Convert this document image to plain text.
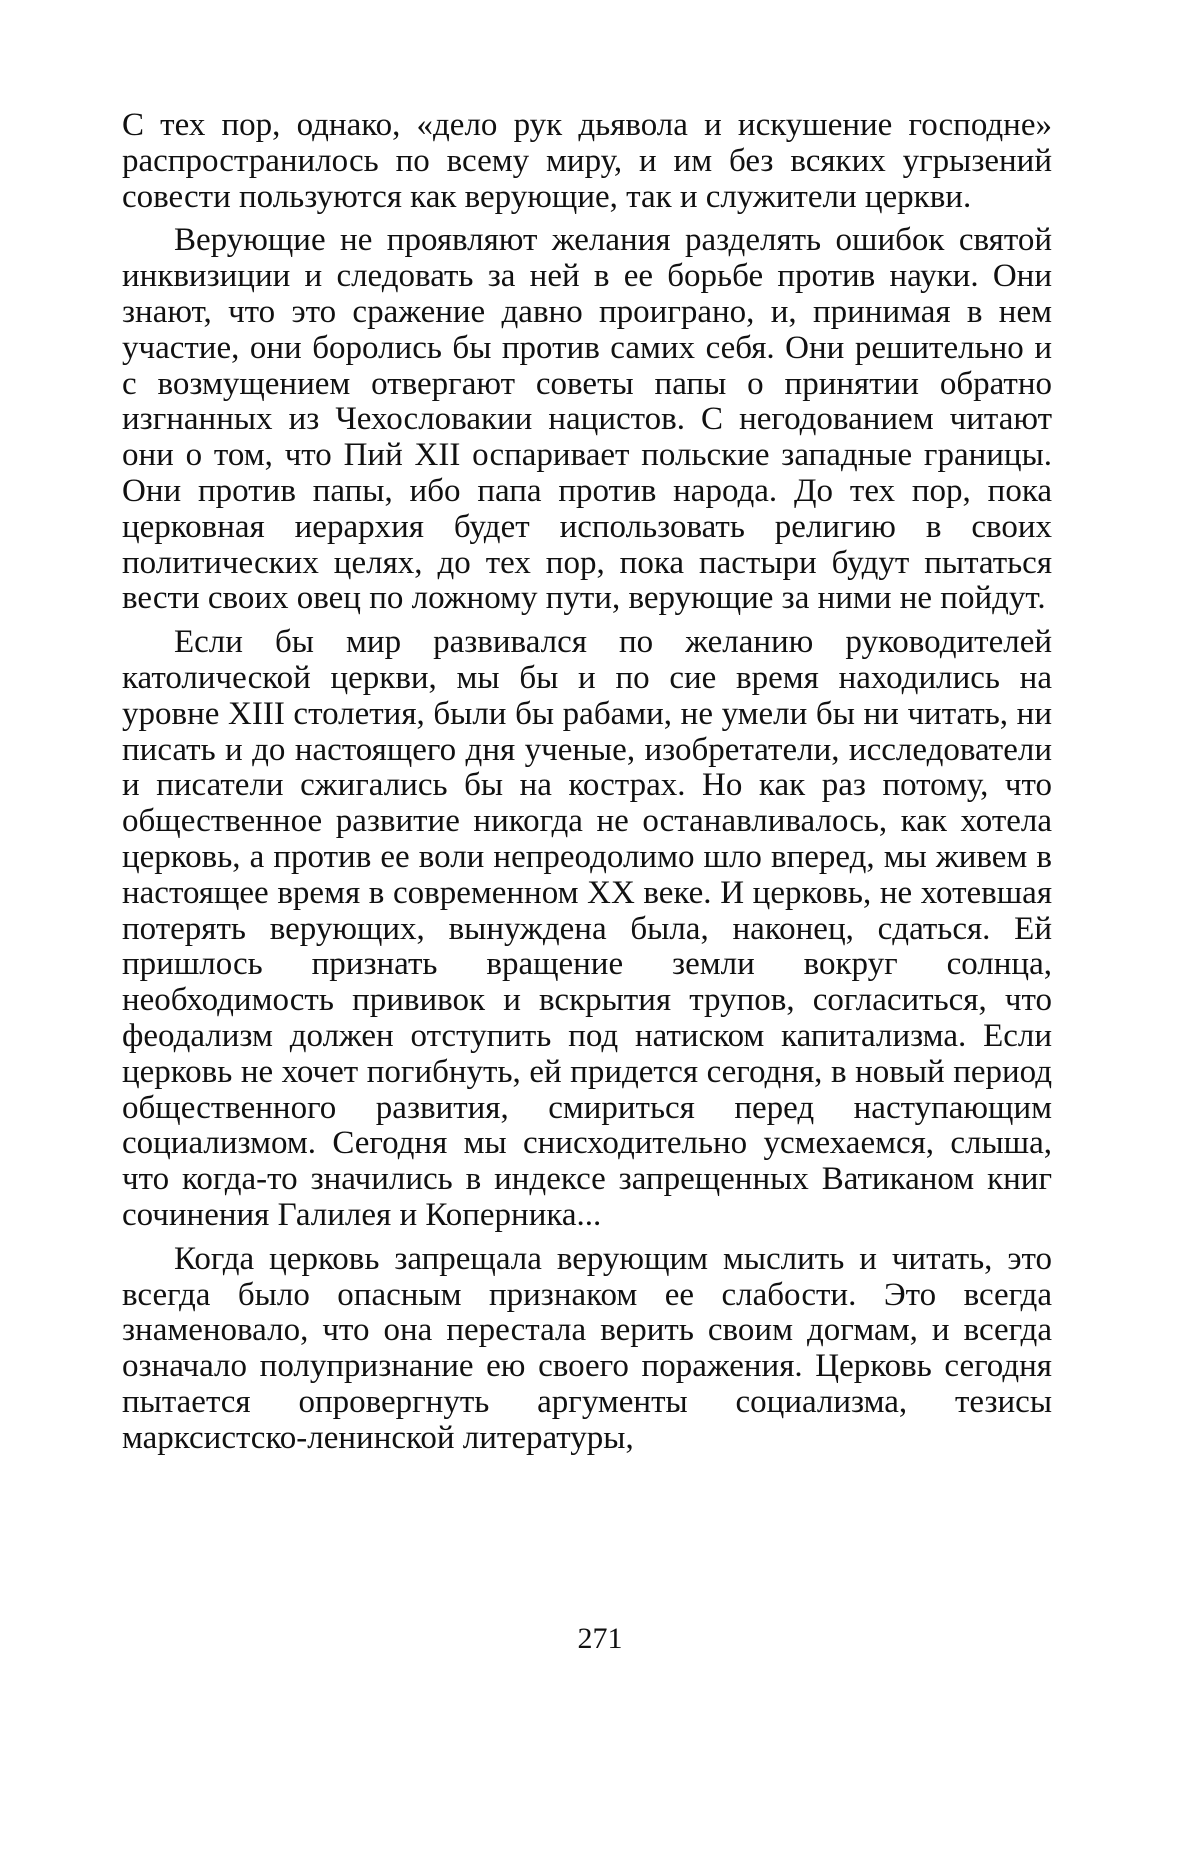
С тех пор, однако, «дело рук дьявола и искушение господне» распространилось по всему миру, и им без всяких угрызений совести пользуются как верующие, так и служители церкви.

Верующие не проявляют желания разделять ошибок святой инквизиции и следовать за ней в ее борьбе против науки. Они знают, что это сражение давно проиграно, и, принимая в нем участие, они боролись бы против самих себя. Они решительно и с возмущением отвергают советы папы о принятии обратно изгнанных из Чехословакии нацистов. С негодованием читают они о том, что Пий XII оспаривает польские западные границы. Они против папы, ибо папа против народа. До тех пор, пока церковная иерархия будет использовать религию в своих политических целях, до тех пор, пока пастыри будут пытаться вести своих овец по ложному пути, верующие за ними не пойдут.

Если бы мир развивался по желанию руководителей католической церкви, мы бы и по сие время находились на уровне XIII столетия, были бы рабами, не умели бы ни читать, ни писать и до настоящего дня ученые, изобретатели, исследователи и писатели сжигались бы на кострах. Но как раз потому, что общественное развитие никогда не останавливалось, как хотела церковь, а против ее воли непреодолимо шло вперед, мы живем в настоящее время в современном XX веке. И церковь, не хотевшая потерять верующих, вынуждена была, наконец, сдаться. Ей пришлось признать вращение земли вокруг солнца, необходимость прививок и вскрытия трупов, согласиться, что феодализм должен отступить под натиском капитализма. Если церковь не хочет погибнуть, ей придется сегодня, в новый период общественного развития, смириться перед наступающим социализмом. Сегодня мы снисходительно усмехаемся, слыша, что когда-то значились в индексе запрещенных Ватиканом книг сочинения Галилея и Коперника...

Когда церковь запрещала верующим мыслить и читать, это всегда было опасным признаком ее слабости. Это всегда знаменовало, что она перестала верить своим догмам, и всегда означало полупризнание ею своего поражения. Церковь сегодня пытается опровергнуть аргументы социализма, тезисы марксистско-ленинской литературы,

271
